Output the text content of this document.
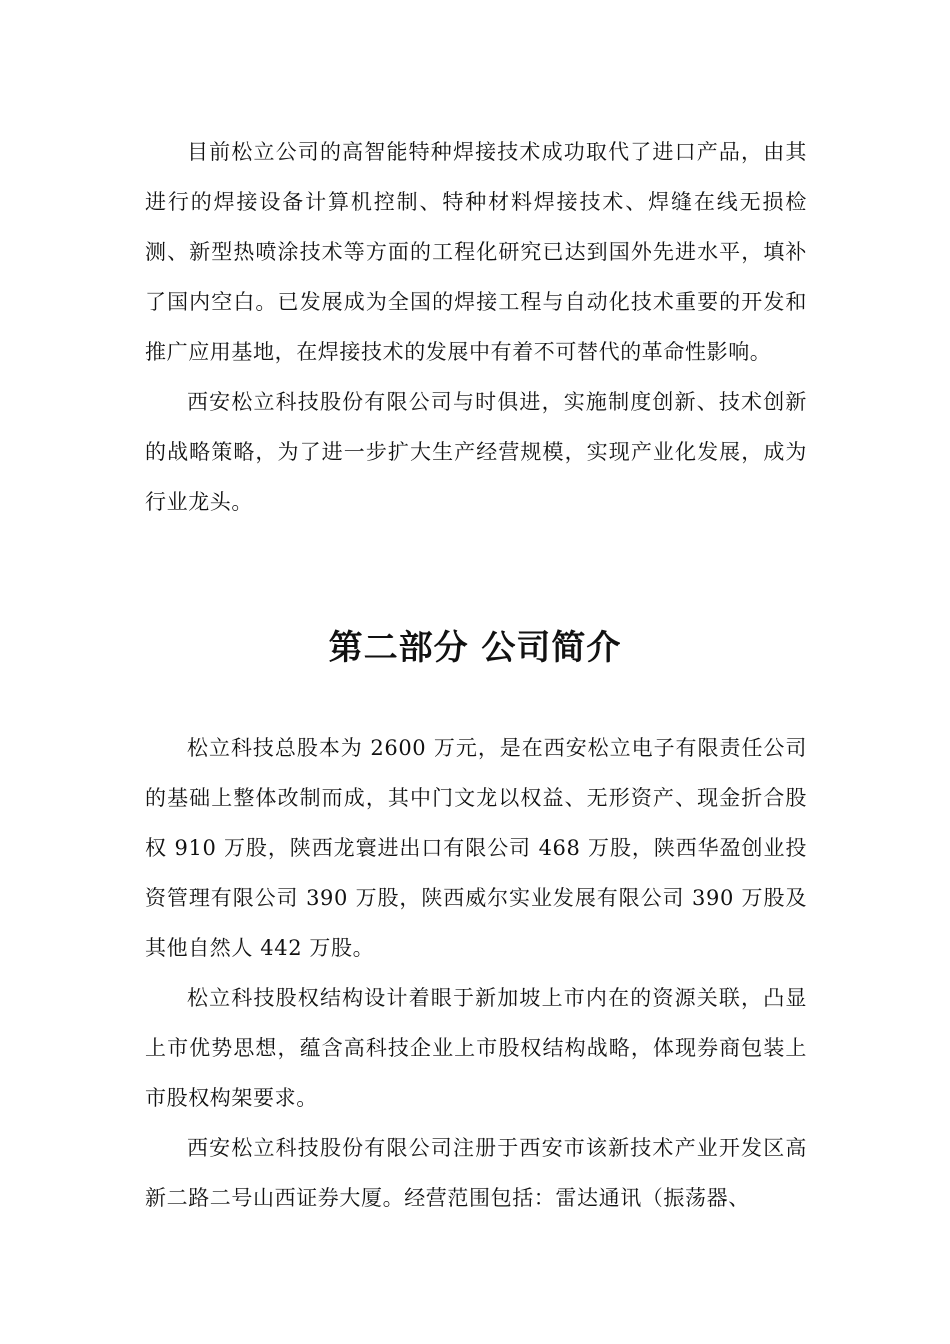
目前松立公司的高智能特种焊接技术成功取代了进口产品，由其进行的焊接设备计算机控制、特种材料焊接技术、焊缝在线无损检测、新型热喷涂技术等方面的工程化研究已达到国外先进水平，填补了国内空白。已发展成为全国的焊接工程与自动化技术重要的开发和推广应用基地，在焊接技术的发展中有着不可替代的革命性影响。

西安松立科技股份有限公司与时俱进，实施制度创新、技术创新的战略策略，为了进一步扩大生产经营规模，实现产业化发展，成为行业龙头。

第二部分 公司简介

松立科技总股本为 2600 万元，是在西安松立电子有限责任公司的基础上整体改制而成，其中门文龙以权益、无形资产、现金折合股权 910 万股，陕西龙寰进出口有限公司 468 万股，陕西华盈创业投资管理有限公司 390 万股，陕西威尔实业发展有限公司 390 万股及其他自然人 442 万股。

松立科技股权结构设计着眼于新加坡上市内在的资源关联，凸显上市优势思想，蕴含高科技企业上市股权结构战略，体现券商包装上市股权构架要求。

西安松立科技股份有限公司注册于西安市该新技术产业开发区高新二路二号山西证券大厦。经营范围包括：雷达通讯（振荡器、
